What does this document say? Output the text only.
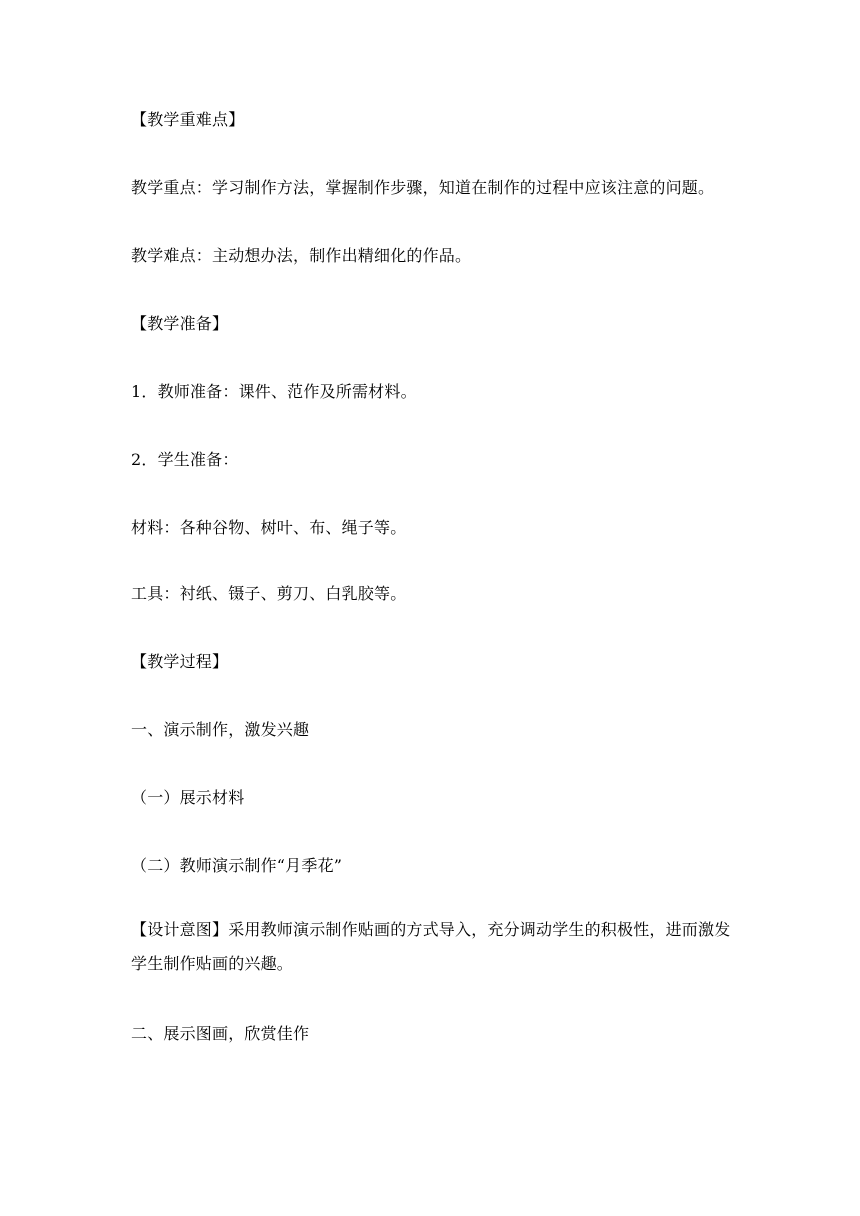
【教学重难点】
教学重点：学习制作方法，掌握制作步骤，知道在制作的过程中应该注意的问题。
教学难点：主动想办法，制作出精细化的作品。
【教学准备】
1．教师准备：课件、范作及所需材料。
2．学生准备：
材料：各种谷物、树叶、布、绳子等。
工具：衬纸、镊子、剪刀、白乳胶等。
【教学过程】
一、演示制作，激发兴趣
（一）展示材料
（二）教师演示制作“月季花”
【设计意图】采用教师演示制作贴画的方式导入，充分调动学生的积极性，进而激发学生制作贴画的兴趣。
二、展示图画，欣赏佳作
